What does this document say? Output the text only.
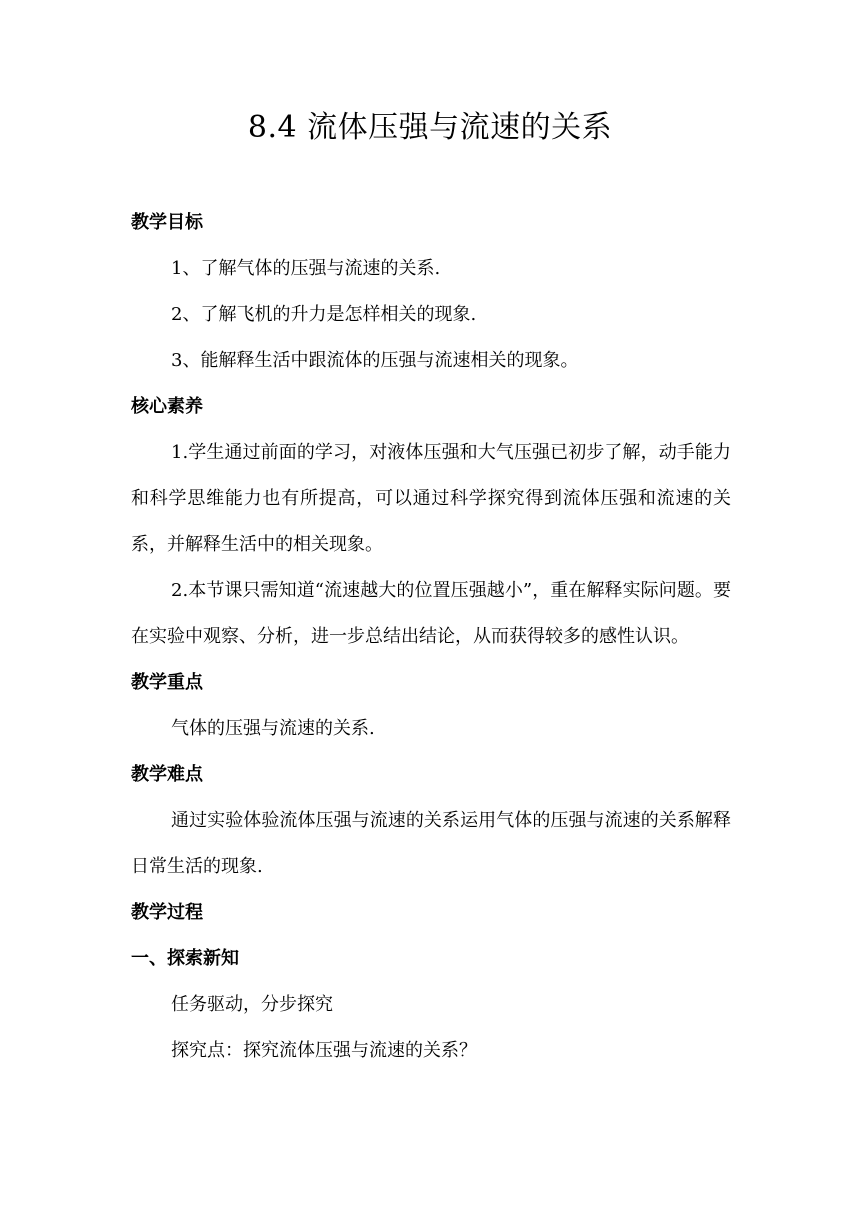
8.4 流体压强与流速的关系
教学目标
1、了解气体的压强与流速的关系.
2、了解飞机的升力是怎样相关的现象.
3、能解释生活中跟流体的压强与流速相关的现象。
核心素养

1.学生通过前面的学习，对液体压强和大气压强已初步了解，动手能力和科学思维能力也有所提高，可以通过科学探究得到流体压强和流速的关系，并解释生活中的相关现象。

2.本节课只需知道“流速越大的位置压强越小”，重在解释实际问题。要在实验中观察、分析，进一步总结出结论，从而获得较多的感性认识。

教学重点
气体的压强与流速的关系.
教学难点

通过实验体验流体压强与流速的关系运用气体的压强与流速的关系解释日常生活的现象.

教学过程
一、探索新知
任务驱动，分步探究
探究点：探究流体压强与流速的关系？
